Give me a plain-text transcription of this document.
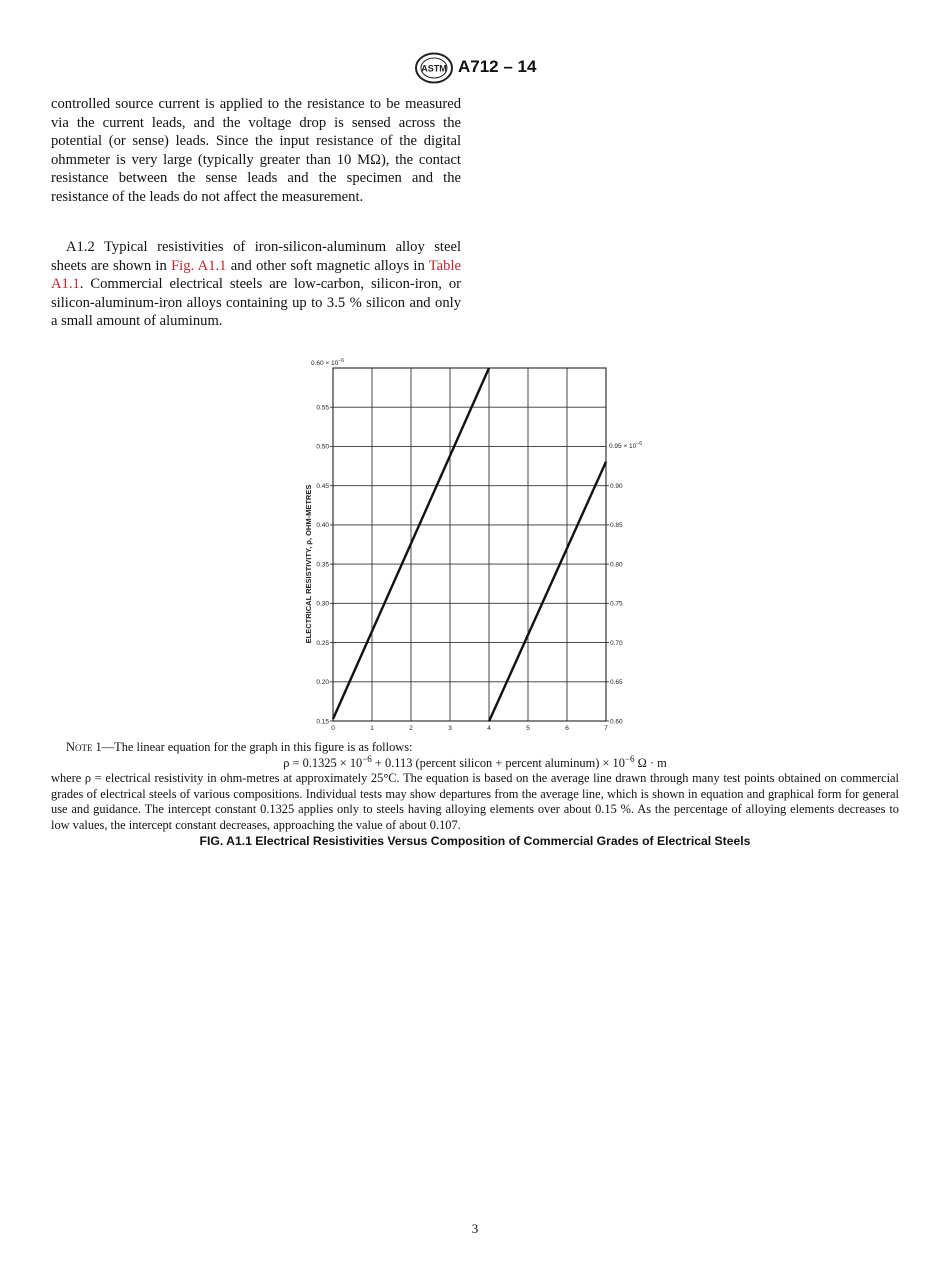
ASTM A712 – 14
controlled source current is applied to the resistance to be measured via the current leads, and the voltage drop is sensed across the potential (or sense) leads. Since the input resistance of the digital ohmmeter is very large (typically greater than 10 MΩ), the contact resistance between the sense leads and the specimen and the resistance of the leads do not affect the measurement.
A1.2 Typical resistivities of iron-silicon-aluminum alloy steel sheets are shown in Fig. A1.1 and other soft magnetic alloys in Table A1.1. Commercial electrical steels are low-carbon, silicon-iron, or silicon-aluminum-iron alloys containing up to 3.5 % silicon and only a small amount of aluminum.
0	1	2	3	4	5	6	7
0.15
0.20
0.25
0.30
0.35
0.40
0.45
0.50
0.55
0.60
0.65
0.70
0.75
0.80
0.85
0.90
$0.60 \times 10^{-6}$
$0.95 \times 10^{-6}$
ELECTRICAL RESISTIVITY, ρ, OHM-METRES
Note 1—The linear equation for the graph in this figure is as follows:
$\rho = 0.1325 \times 10^{-6} + 0.113$ (percent silicon + percent aluminum) × $10^{-6}$ Ω · m
where ρ = electrical resistivity in ohm-metres at approximately 25°C. The equation is based on the average line drawn through many test points obtained on commercial grades of electrical steels of various compositions. Individual tests may show departures from the average line, which is shown in equation and graphical form for general use and guidance. The intercept constant 0.1325 applies only to steels having alloying elements over about 0.15 %. As the percentage of alloying elements decreases to low values, the intercept constant decreases, approaching the value of about 0.107.
FIG. A1.1 Electrical Resistivities Versus Composition of Commercial Grades of Electrical Steels
3
